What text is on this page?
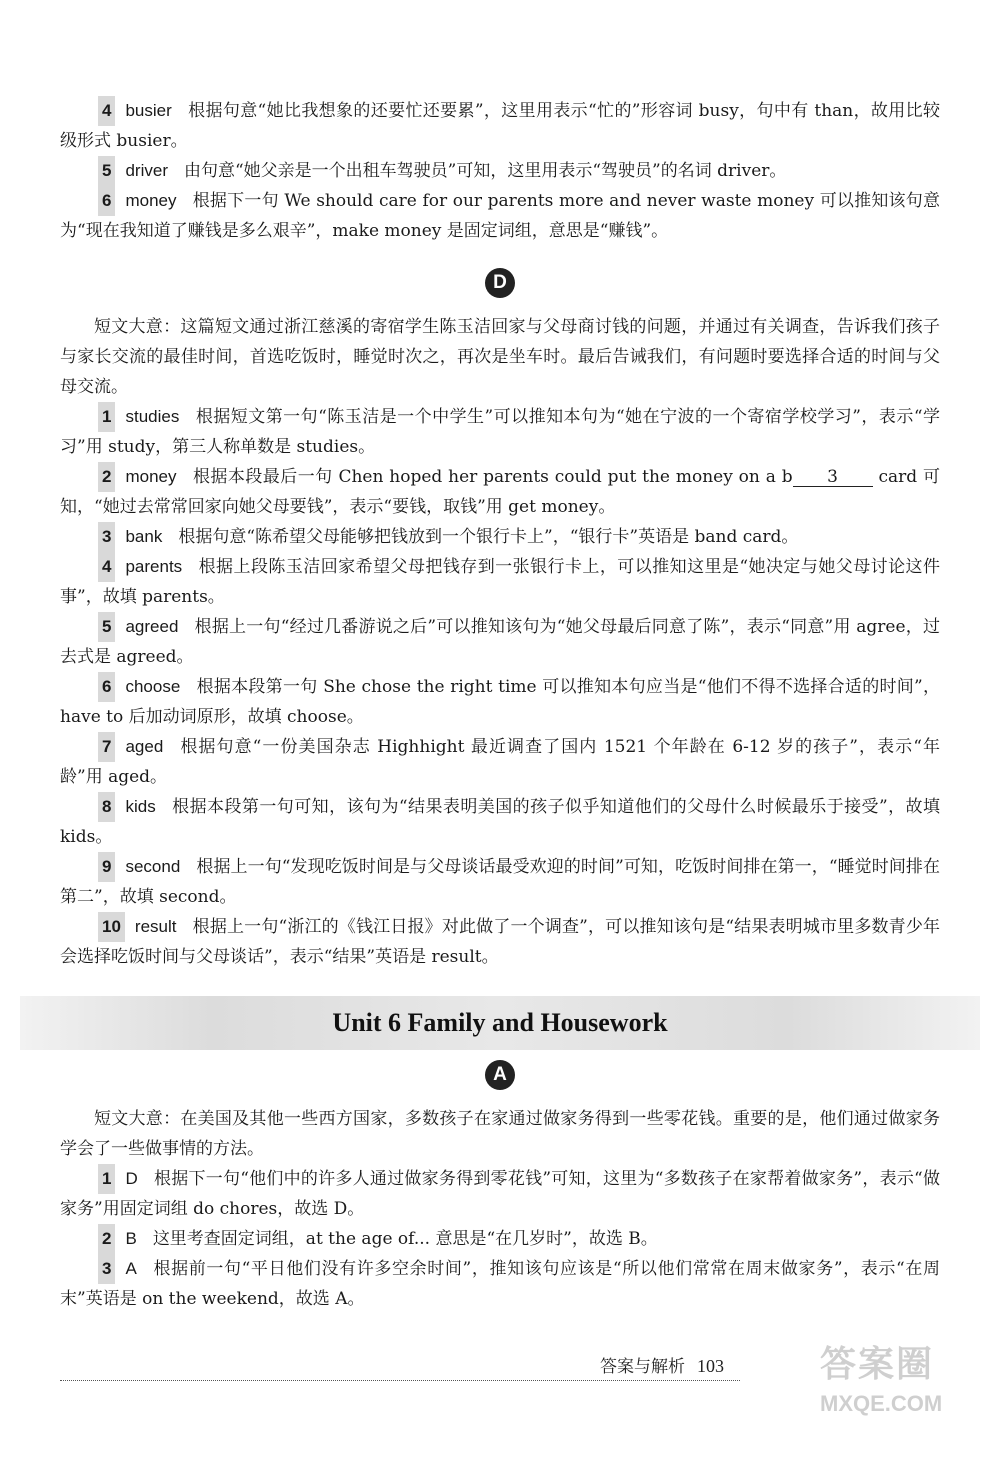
4 busier 根据句意“她比我想象的还要忙还要累”，这里用表示“忙的”形容词 busy，句中有 than，故用比较级形式 busier。

5 driver 由句意“她父亲是一个出租车驾驶员”可知，这里用表示“驾驶员”的名词 driver。

6 money 根据下一句 We should care for our parents more and never waste money 可以推知该句意为“现在我知道了赚钱是多么艰辛”，make money 是固定词组，意思是“赚钱”。

D

短文大意：这篇短文通过浙江慈溪的寄宿学生陈玉洁回家与父母商讨钱的问题，并通过有关调查，告诉我们孩子与家长交流的最佳时间，首选吃饭时，睡觉时次之，再次是坐车时。最后告诫我们，有问题时要选择合适的时间与父母交流。

1 studies 根据短文第一句“陈玉洁是一个中学生”可以推知本句为“她在宁波的一个寄宿学校学习”，表示“学习”用 study，第三人称单数是 studies。

2 money 根据本段最后一句 Chen hoped her parents could put the money on a b 3 card 可知，“她过去常常回家向她父母要钱”，表示“要钱，取钱”用 get money。

3 bank 根据句意“陈希望父母能够把钱放到一个银行卡上”，“银行卡”英语是 band card。

4 parents 根据上段陈玉洁回家希望父母把钱存到一张银行卡上，可以推知这里是“她决定与她父母讨论这件事”，故填 parents。

5 agreed 根据上一句“经过几番游说之后”可以推知该句为“她父母最后同意了陈”，表示“同意”用 agree，过去式是 agreed。

6 choose 根据本段第一句 She chose the right time 可以推知本句应当是“他们不得不选择合适的时间”，have to 后加动词原形，故填 choose。

7 aged 根据句意“一份美国杂志 Highhight 最近调查了国内 1521 个年龄在 6-12 岁的孩子”，表示“年龄”用 aged。

8 kids 根据本段第一句可知，该句为“结果表明美国的孩子似乎知道他们的父母什么时候最乐于接受”，故填 kids。

9 second 根据上一句“发现吃饭时间是与父母谈话最受欢迎的时间”可知，吃饭时间排在第一，“睡觉时间排在第二”，故填 second。

10 result 根据上一句“浙江的《钱江日报》对此做了一个调查”，可以推知该句是“结果表明城市里多数青少年会选择吃饭时间与父母谈话”，表示“结果”英语是 result。

Unit 6 Family and Housework
A

短文大意：在美国及其他一些西方国家，多数孩子在家通过做家务得到一些零花钱。重要的是，他们通过做家务学会了一些做事情的方法。

1 D 根据下一句“他们中的许多人通过做家务得到零花钱”可知，这里为“多数孩子在家帮着做家务”，表示“做家务”用固定词组 do chores，故选 D。

2 B 这里考查固定词组，at the age of... 意思是“在几岁时”，故选 B。

3 A 根据前一句“平日他们没有许多空余时间”，推知该句应该是“所以他们常常在周末做家务”，表示“在周末”英语是 on the weekend，故选 A。

答案与解析 103	答案圈
MXQE.COM
